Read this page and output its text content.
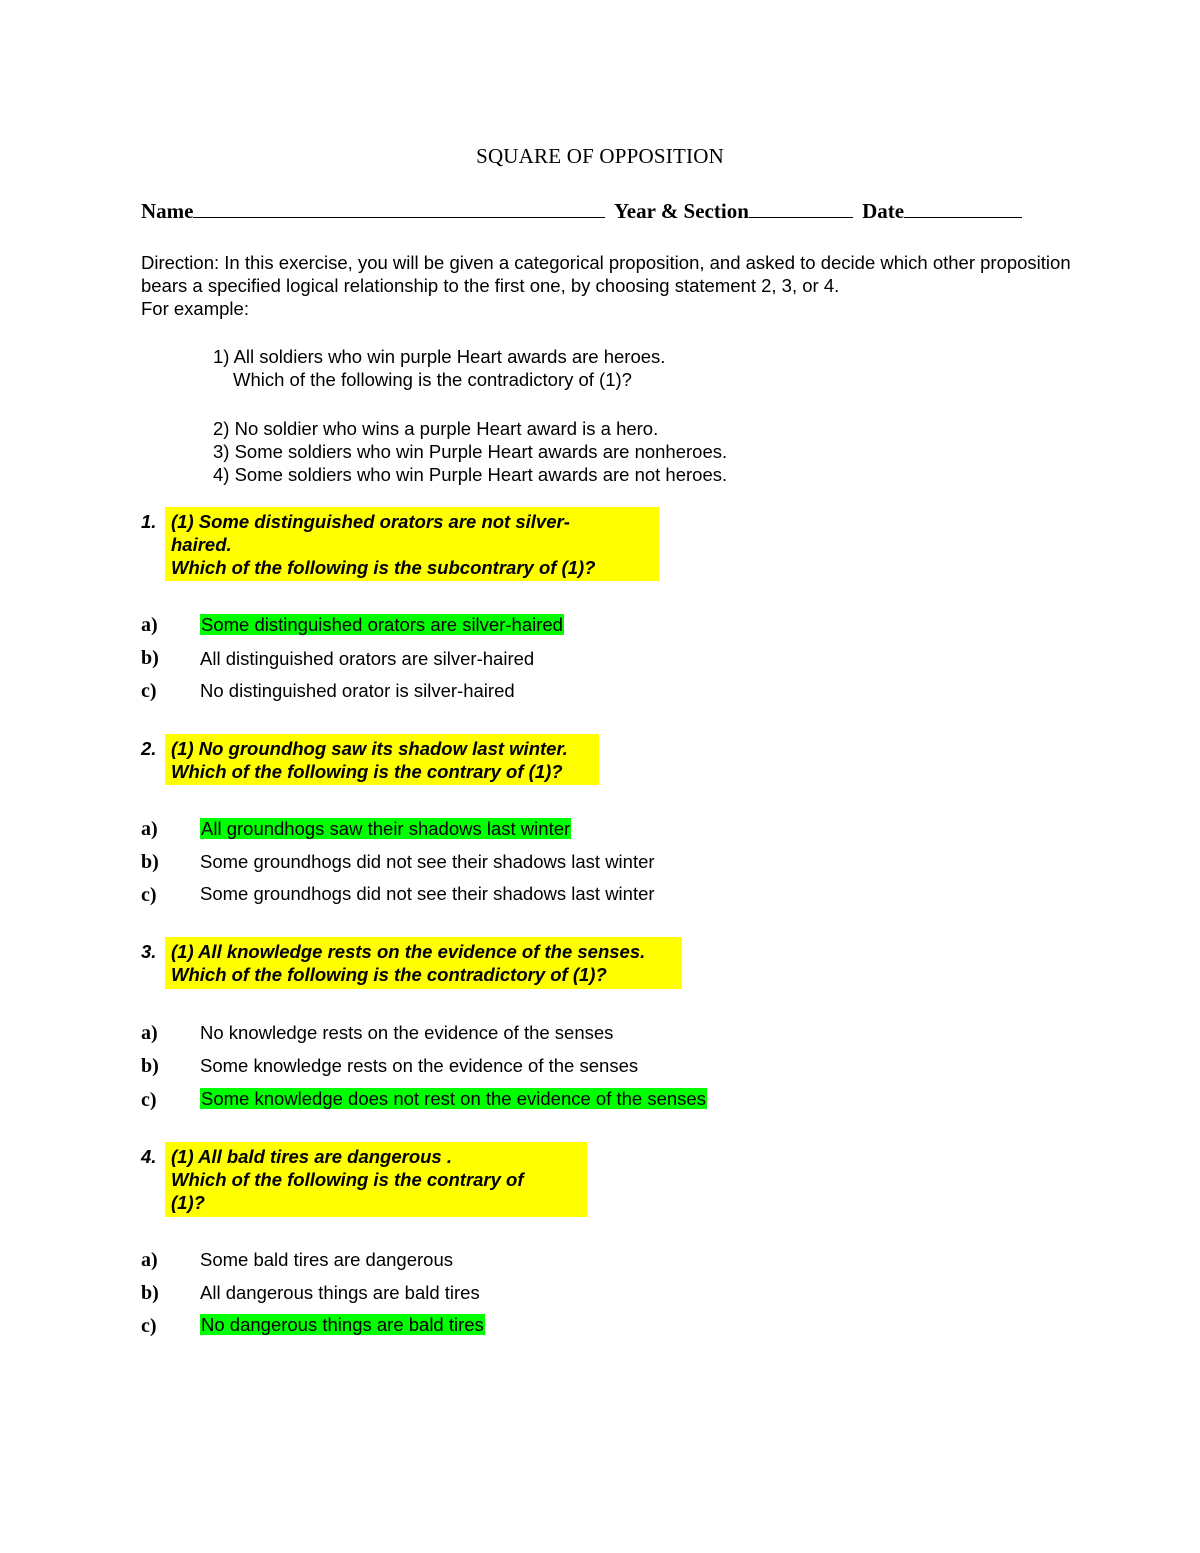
SQUARE OF OPPOSITION
Name	Year & Section	Date
Direction: In this exercise, you will be given a categorical proposition, and asked to decide which other proposition bears a specified logical relationship to the first one, by choosing statement 2, 3, or 4.
For example:
1) All soldiers who win purple Heart awards are heroes.
Which of the following is the contradictory of (1)?
2) No soldier who wins a purple Heart award is a hero.
3) Some soldiers who win Purple Heart awards are nonheroes.
4) Some soldiers who win Purple Heart awards are not heroes.
1. (1) Some distinguished orators are not silver-
haired.
Which of the following is the subcontrary of (1)?
a) Some distinguished orators are silver-haired
b) All distinguished orators are silver-haired
c) No distinguished orator is silver-haired
2. (1) No groundhog saw its shadow last winter.
Which of the following is the contrary of (1)?
a) All groundhogs saw their shadows last winter
b) Some groundhogs did not see their shadows last winter
c) Some groundhogs did not see their shadows last winter
3. (1) All knowledge rests on the evidence of the senses.
Which of the following is the contradictory of (1)?
a) No knowledge rests on the evidence of the senses
b) Some knowledge rests on the evidence of the senses
c) Some knowledge does not rest on the evidence of the senses
4. (1) All bald tires are dangerous .
Which of the following is the contrary of
(1)?
a) Some bald tires are dangerous
b) All dangerous things are bald tires
c) No dangerous things are bald tires
